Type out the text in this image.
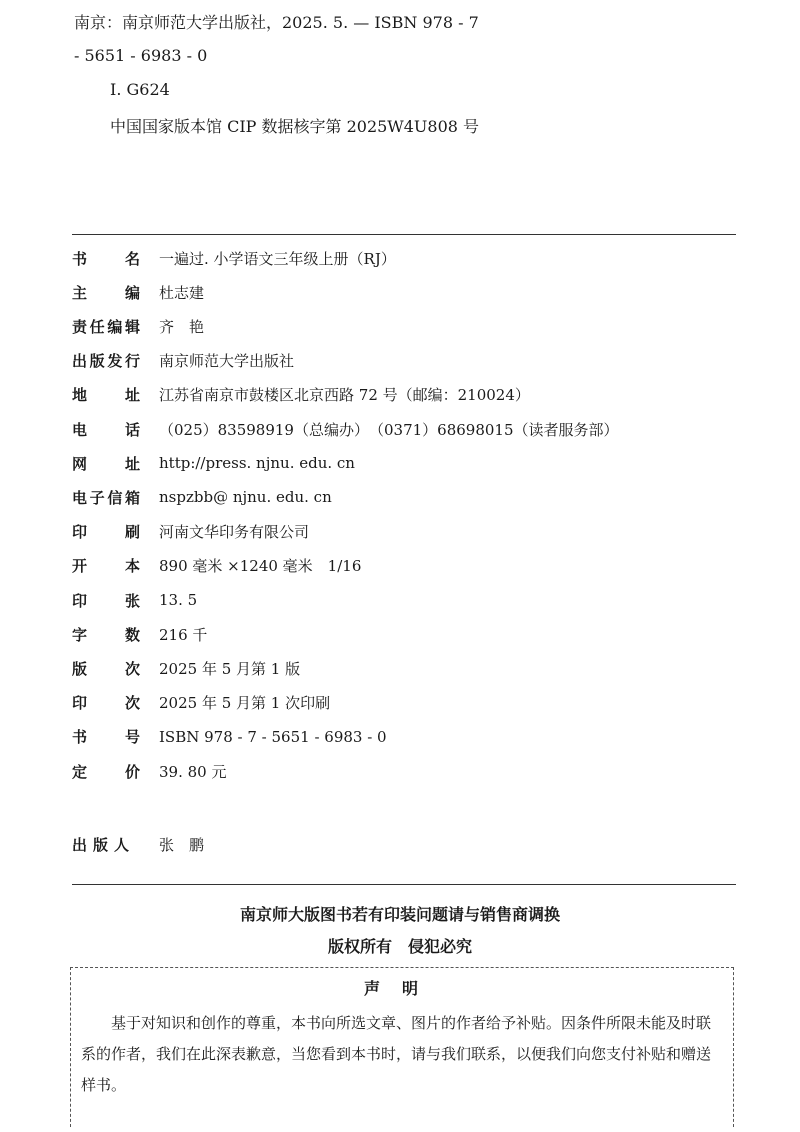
南京：南京师范大学出版社，2025. 5. — ISBN 978 - 7
- 5651 - 6983 - 0
Ⅰ. G624
中国国家版本馆 CIP 数据核字第 2025W4U808 号
书	名 一遍过. 小学语文三年级上册（RJ）
主	编 杜志建
责 任 编 辑 齐　艳
出 版 发 行 南京师范大学出版社
地	址 江苏省南京市鼓楼区北京西路 72 号（邮编：210024）
电	话 （025）83598919（总编办）　（0371）68698015（读者服务部）
网	址 http://press. njnu. edu. cn
电 子 信 箱 nspzbb@ njnu. edu. cn
印	刷 河南文华印务有限公司
开	本 890 毫米 ×1240 毫米　1/16
印	张 13. 5
字	数 216 千
版	次 2025 年 5 月第 1 版
印	次 2025 年 5 月第 1 次印刷
书	号 ISBN 978 - 7 - 5651 - 6983 - 0
定	价 39. 80 元
出版人 张　鹏
南京师大版图书若有印装问题请与销售商调换
版权所有　侵犯必究
声明
基于对知识和创作的尊重，本书向所选文章、图片的作者给予补贴。因条件所限未能及时联系的作者，我们在此深表歉意，当您看到本书时，请与我们联系，以便我们向您支付补贴和赠送样书。
